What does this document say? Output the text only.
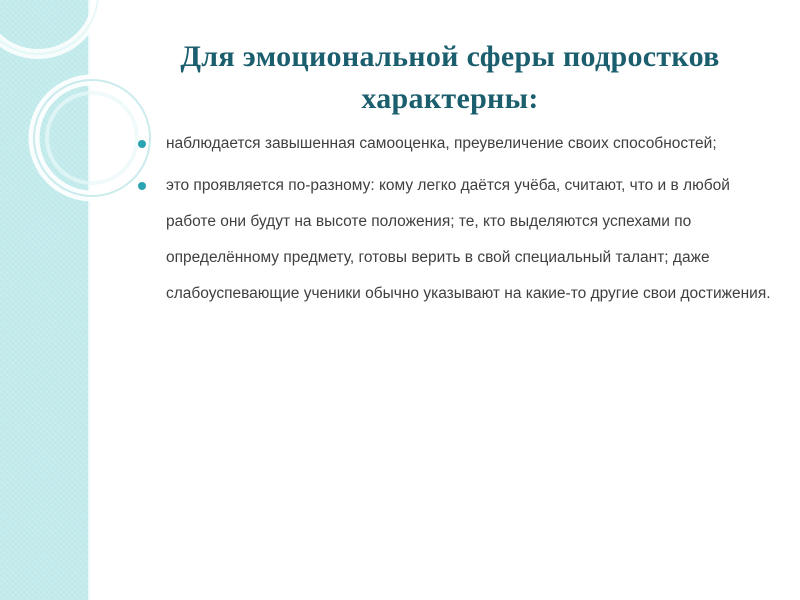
Для эмоциональной сферы подростков характерны:
наблюдается завышенная самооценка, преувеличение своих способностей;
это проявляется по-разному: кому легко даётся учёба, считают, что и в любой работе они будут на высоте положения; те, кто выделяются успехами по определённому предмету, готовы верить в свой специальный талант; даже слабоуспевающие ученики обычно указывают на какие-то другие свои достижения.
